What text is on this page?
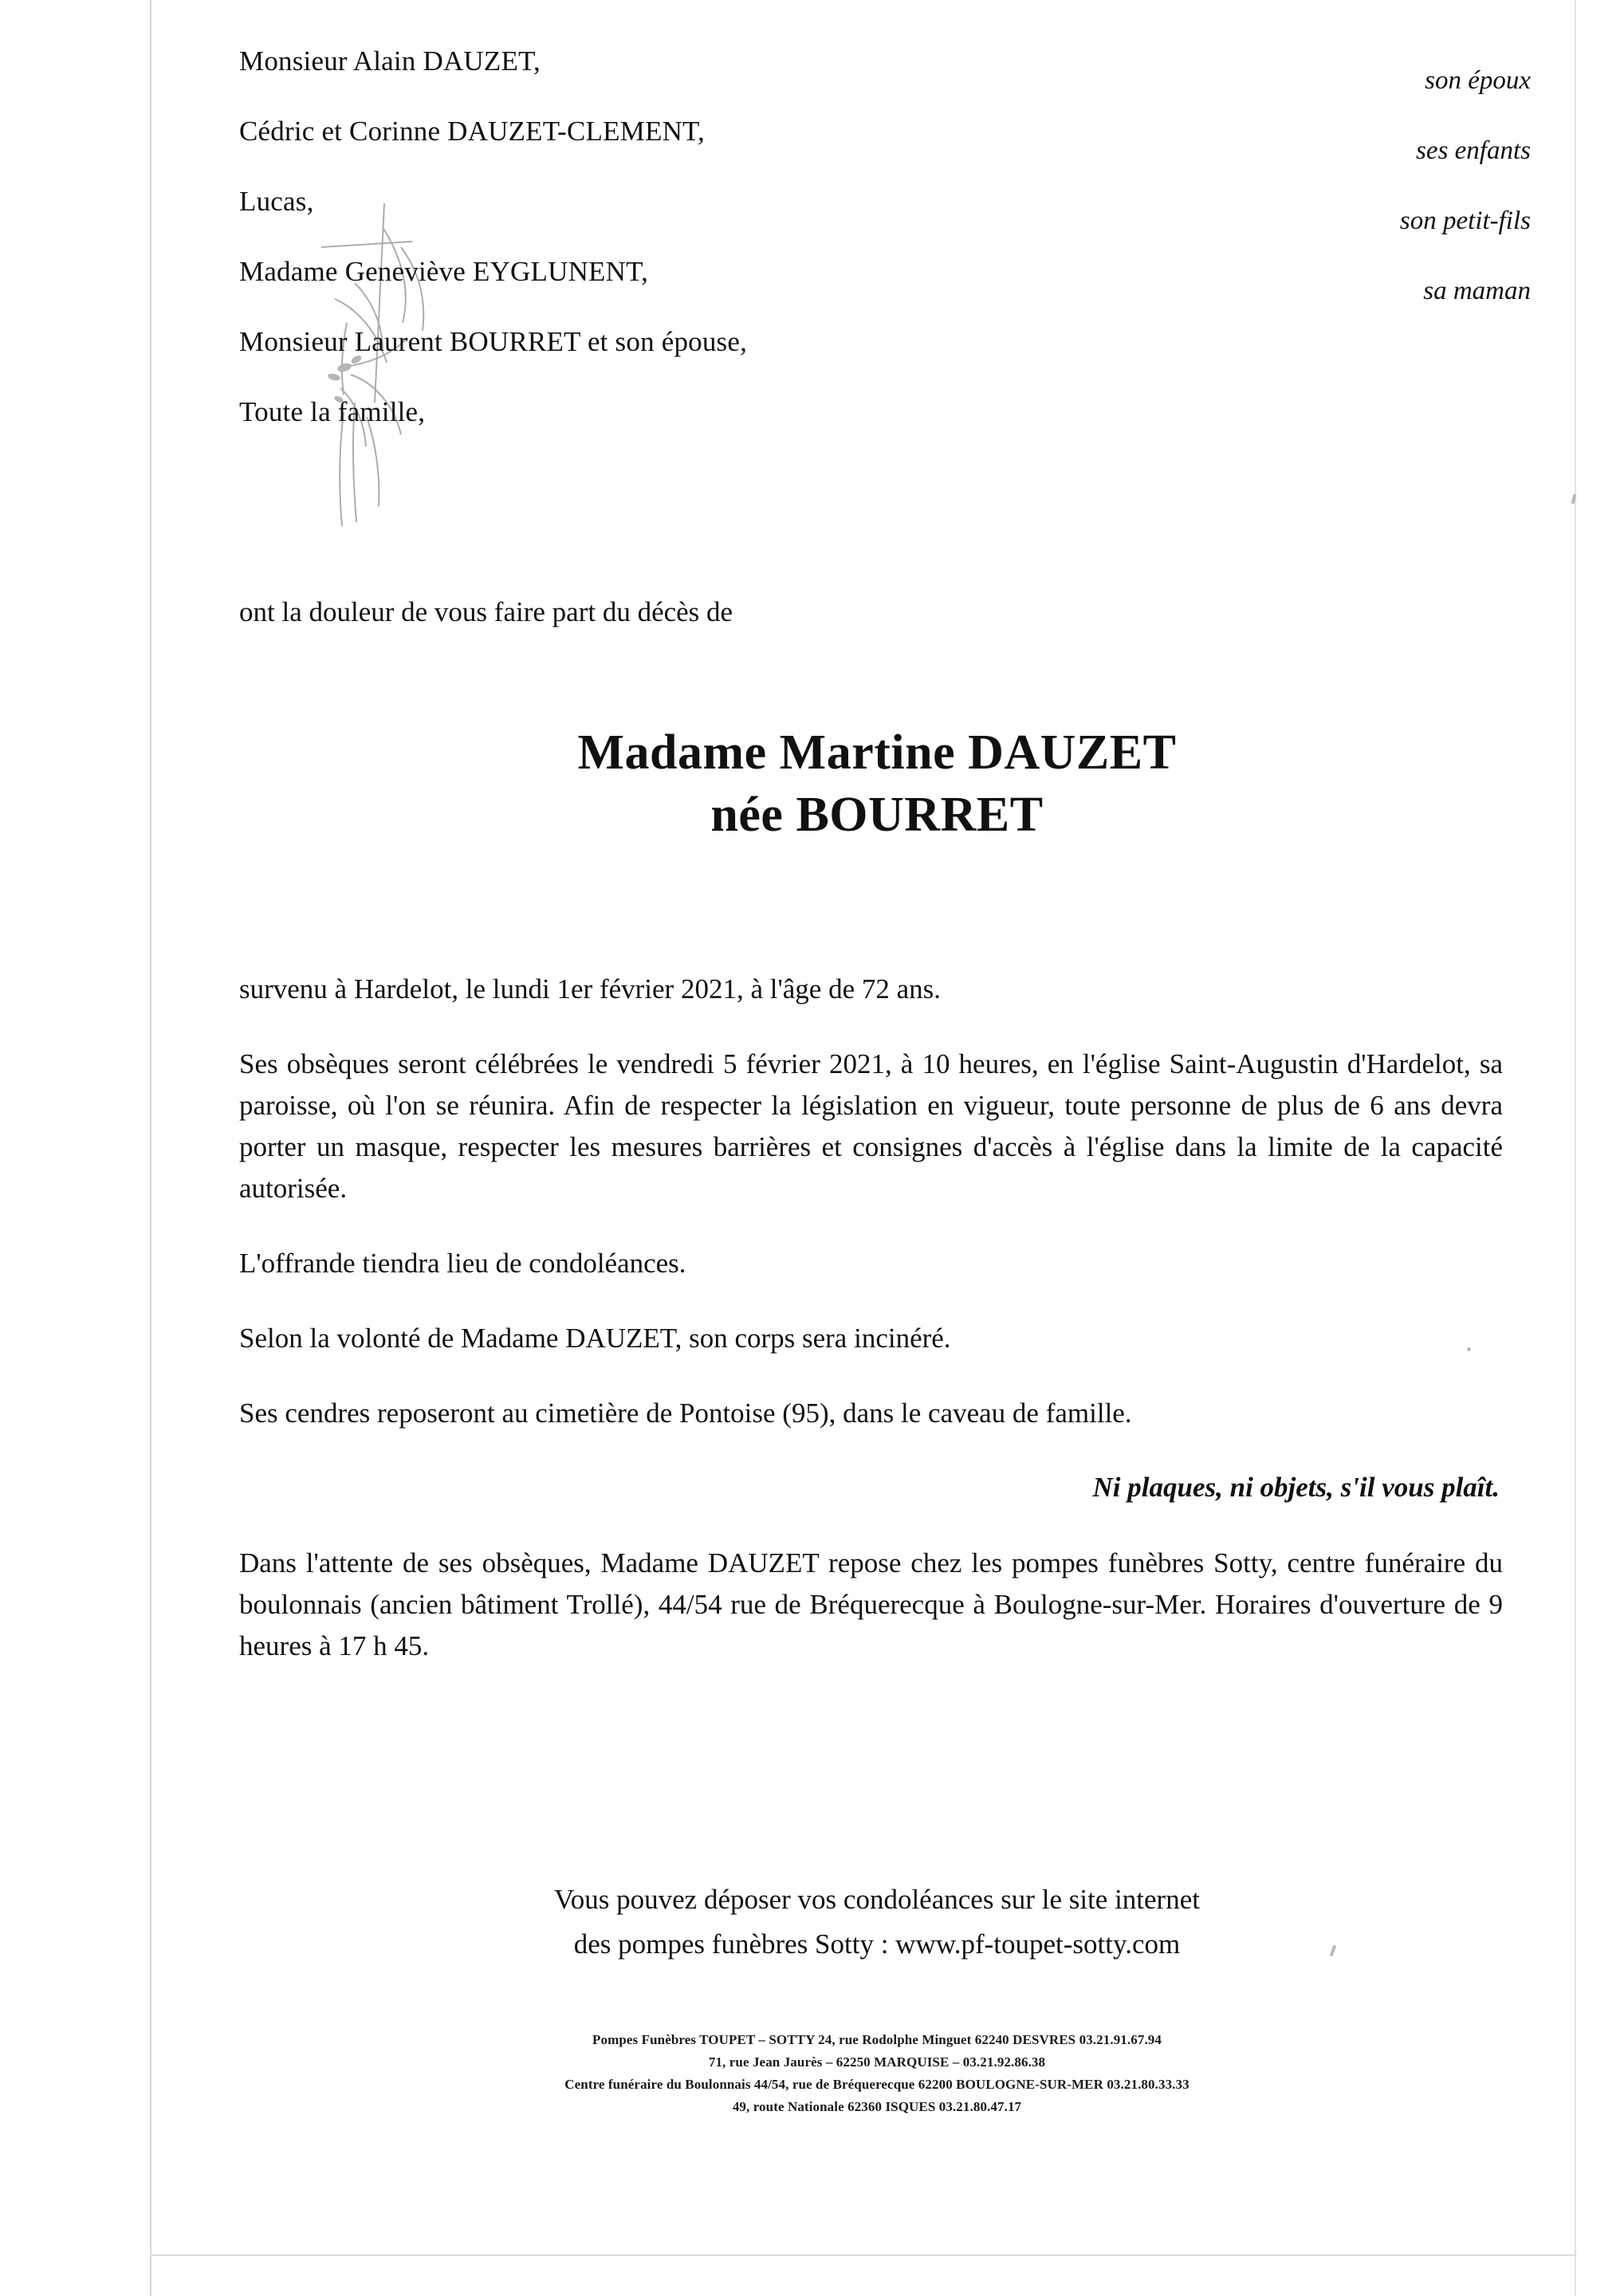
Monsieur Alain DAUZET,
son époux
Cédric et Corinne DAUZET-CLEMENT,
ses enfants
Lucas,
son petit-fils
Madame Geneviève EYGLUNENT,
sa maman
Monsieur Laurent BOURRET et son épouse,
Toute la famille,
ont la douleur de vous faire part du décès de
Madame Martine DAUZET
née BOURRET
survenu à Hardelot, le lundi 1er février 2021, à l'âge de 72 ans.
Ses obsèques seront célébrées le vendredi 5 février 2021, à 10 heures, en l'église Saint-Augustin d'Hardelot, sa paroisse, où l'on se réunira. Afin de respecter la législation en vigueur, toute personne de plus de 6 ans devra porter un masque, respecter les mesures barrières et consignes d'accès à l'église dans la limite de la capacité autorisée.
L'offrande tiendra lieu de condoléances.
Selon la volonté de Madame DAUZET, son corps sera incinéré.
Ses cendres reposeront au cimetière de Pontoise (95), dans le caveau de famille.
Ni plaques, ni objets, s'il vous plaît.
Dans l'attente de ses obsèques, Madame DAUZET repose chez les pompes funèbres Sotty, centre funéraire du boulonnais (ancien bâtiment Trollé), 44/54 rue de Bréquerecque à Boulogne-sur-Mer. Horaires d'ouverture de 9 heures à 17 h 45.
Vous pouvez déposer vos condoléances sur le site internet
des pompes funèbres Sotty : www.pf-toupet-sotty.com
Pompes Funèbres TOUPET – SOTTY 24, rue Rodolphe Minguet 62240 DESVRES 03.21.91.67.94
71, rue Jean Jaurès – 62250 MARQUISE – 03.21.92.86.38
Centre funéraire du Boulonnais 44/54, rue de Bréquerecque 62200 BOULOGNE-SUR-MER 03.21.80.33.33
49, route Nationale 62360 ISQUES 03.21.80.47.17
